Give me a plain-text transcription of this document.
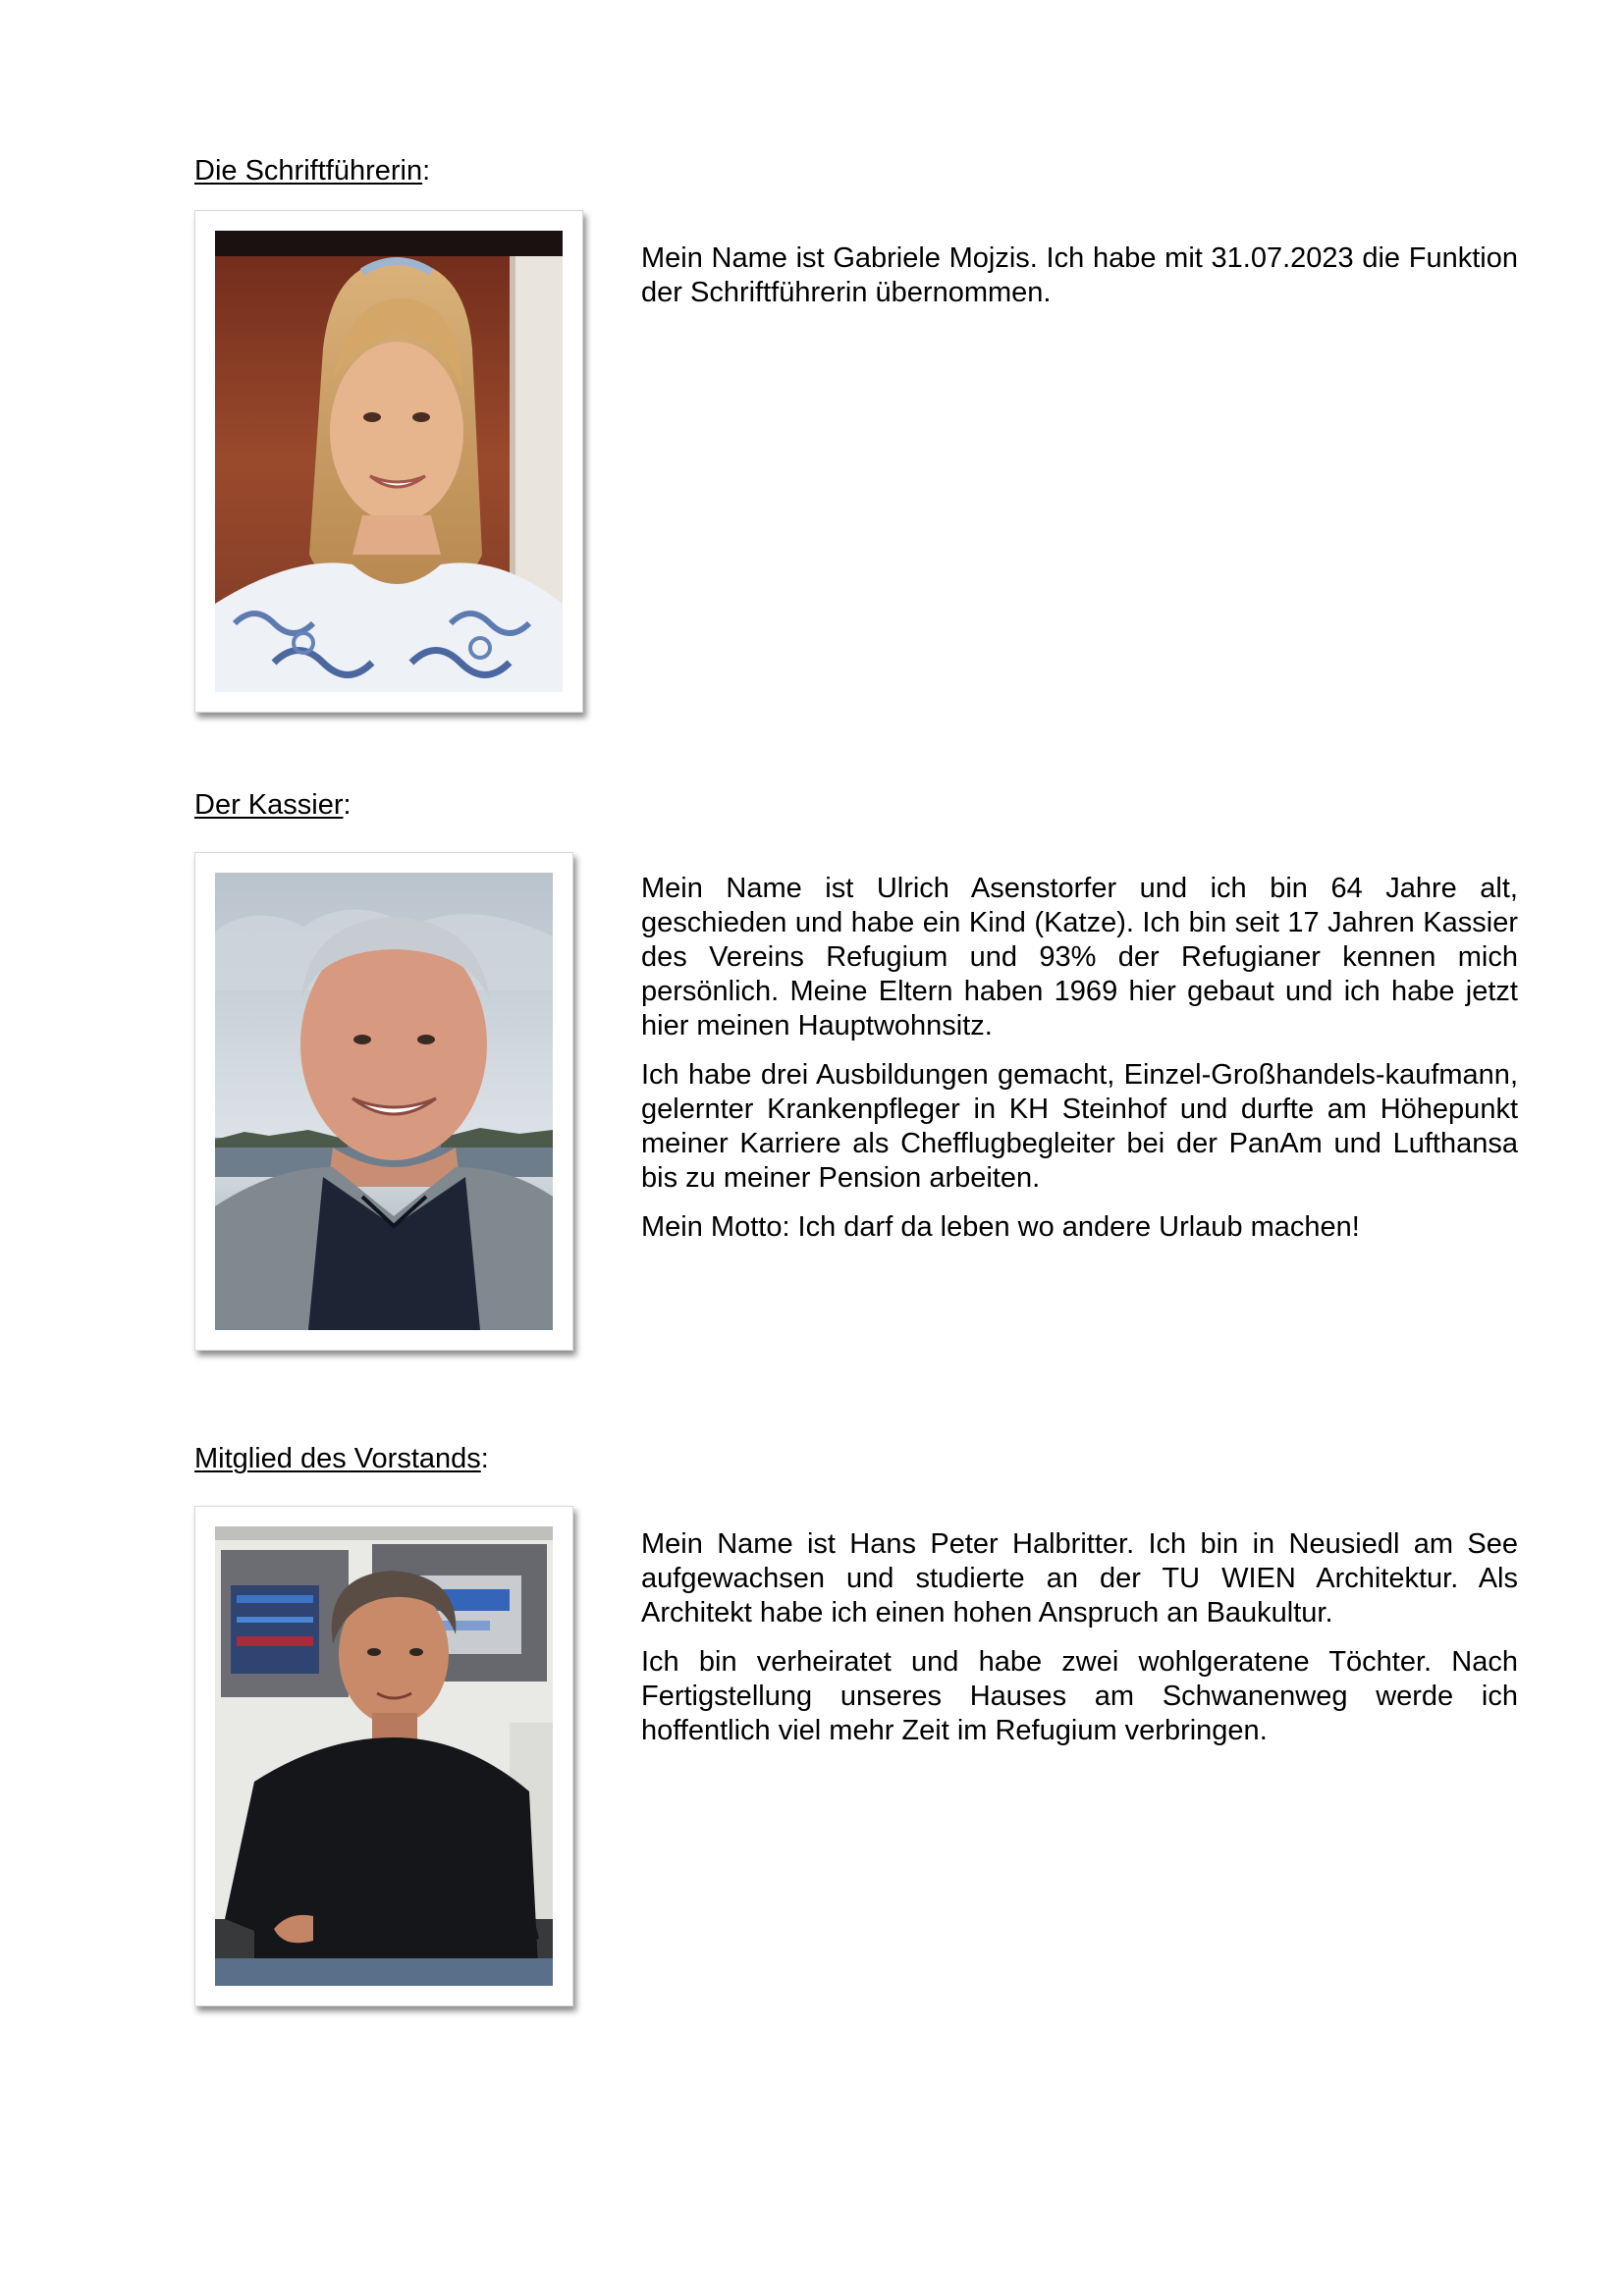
Die Schriftführerin:

Mein Name ist Gabriele Mojzis. Ich habe mit 31.07.2023 die Funktion der Schriftführerin übernommen.

Der Kassier:

Mein Name ist Ulrich Asenstorfer und ich bin 64 Jahre alt, geschieden und habe ein Kind (Katze). Ich bin seit 17 Jahren Kassier des Vereins Refugium und 93% der Refugianer kennen mich persönlich. Meine Eltern haben 1969 hier gebaut und ich habe jetzt hier meinen Hauptwohnsitz.

Ich habe drei Ausbildungen gemacht, Einzel-Großhandels-kaufmann, gelernter Krankenpfleger in KH Steinhof und durfte am Höhepunkt meiner Karriere als Chefflugbegleiter bei der PanAm und Lufthansa bis zu meiner Pension arbeiten.

Mein Motto: Ich darf da leben wo andere Urlaub machen!

Mitglied des Vorstands:

Mein Name ist Hans Peter Halbritter. Ich bin in Neusiedl am See aufgewachsen und studierte an der TU WIEN Architektur. Als Architekt habe ich einen hohen Anspruch an Baukultur.

Ich bin verheiratet und habe zwei wohlgeratene Töchter. Nach Fertigstellung unseres Hauses am Schwanenweg werde ich hoffentlich viel mehr Zeit im Refugium verbringen.
